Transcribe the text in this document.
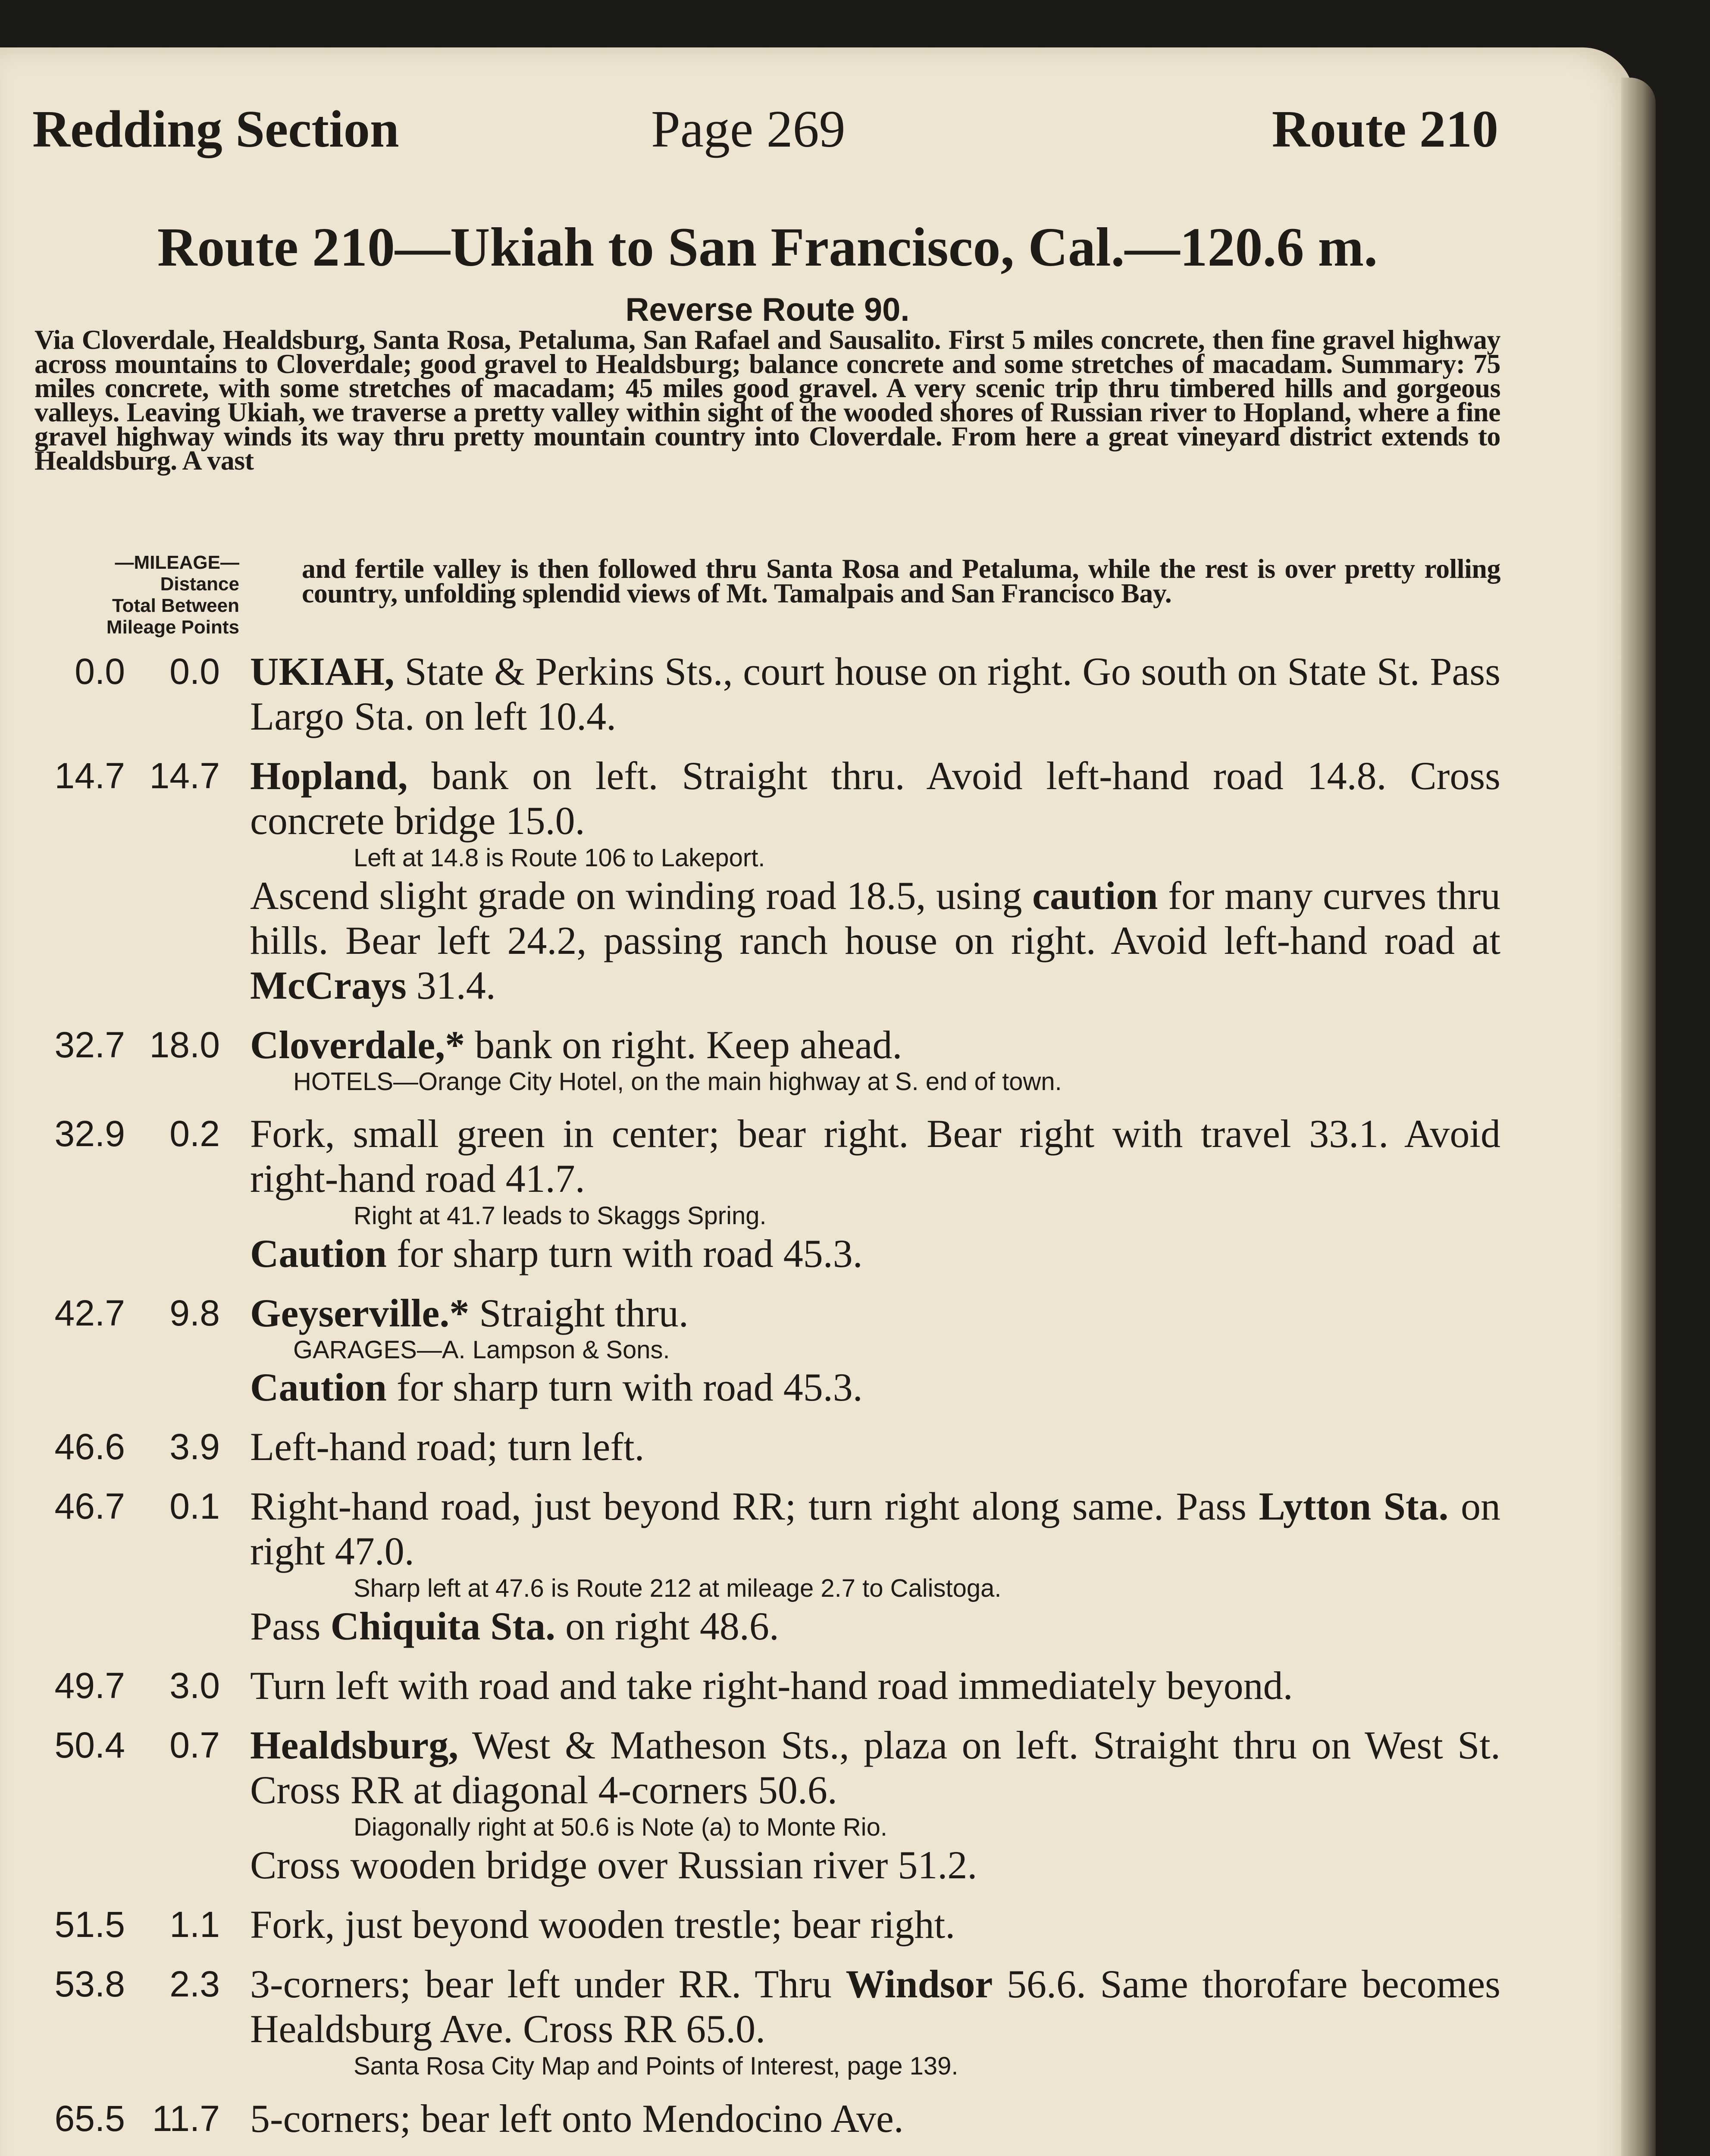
Redding Section	Page 269	Route 210
Route 210—Ukiah to San Francisco, Cal.—120.6 m.
Reverse Route 90.
Via Cloverdale, Healdsburg, Santa Rosa, Petaluma, San Rafael and Sausalito. First 5 miles concrete, then fine gravel highway across mountains to Cloverdale; good gravel to Healdsburg; balance concrete and some stretches of macadam. Summary: 75 miles concrete, with some stretches of macadam; 45 miles good gravel. A very scenic trip thru timbered hills and gorgeous valleys. Leaving Ukiah, we traverse a pretty valley within sight of the wooded shores of Russian river to Hopland, where a fine gravel highway winds its way thru pretty mountain country into Cloverdale. From here a great vineyard district extends to Healdsburg. A vast
—MILEAGE—
Distance
Total Between
Mileage Points
and fertile valley is then followed thru Santa Rosa and Petaluma, while the rest is over pretty rolling country, unfolding splendid views of Mt. Tamalpais and San Francisco Bay.
0.0	0.0 UKIAH, State & Perkins Sts., court house on right. Go south on State St. Pass Largo Sta. on left 10.4.
14.7 14.7 Hopland, bank on left. Straight thru. Avoid left-hand road 14.8. Cross concrete bridge 15.0.
Left at 14.8 is Route 106 to Lakeport.
Ascend slight grade on winding road 18.5, using caution for many curves thru hills. Bear left 24.2, passing ranch house on right. Avoid left-hand road at McCrays 31.4.
32.7 18.0 Cloverdale,* bank on right. Keep ahead.
HOTELS—Orange City Hotel, on the main highway at S. end of town.
32.9	0.2 Fork, small green in center; bear right. Bear right with travel 33.1. Avoid right-hand road 41.7.
Right at 41.7 leads to Skaggs Spring.
Caution for sharp turn with road 45.3.
42.7	9.8 Geyserville.* Straight thru.
GARAGES—A. Lampson & Sons.
Caution for sharp turn with road 45.3.
46.6	3.9 Left-hand road; turn left.
46.7	0.1 Right-hand road, just beyond RR; turn right along same. Pass Lytton Sta. on right 47.0.
Sharp left at 47.6 is Route 212 at mileage 2.7 to Calistoga.
Pass Chiquita Sta. on right 48.6.
49.7	3.0 Turn left with road and take right-hand road immediately beyond.
50.4	0.7 Healdsburg, West & Matheson Sts., plaza on left. Straight thru on West St. Cross RR at diagonal 4-corners 50.6.
Diagonally right at 50.6 is Note (a) to Monte Rio.
Cross wooden bridge over Russian river 51.2.
51.5	1.1 Fork, just beyond wooden trestle; bear right.
53.8	2.3 3-corners; bear left under RR. Thru Windsor 56.6. Same thorofare becomes Healdsburg Ave. Cross RR 65.0.
Santa Rosa City Map and Points of Interest, page 139.
65.5 11.7 5-corners; bear left onto Mendocino Ave.
